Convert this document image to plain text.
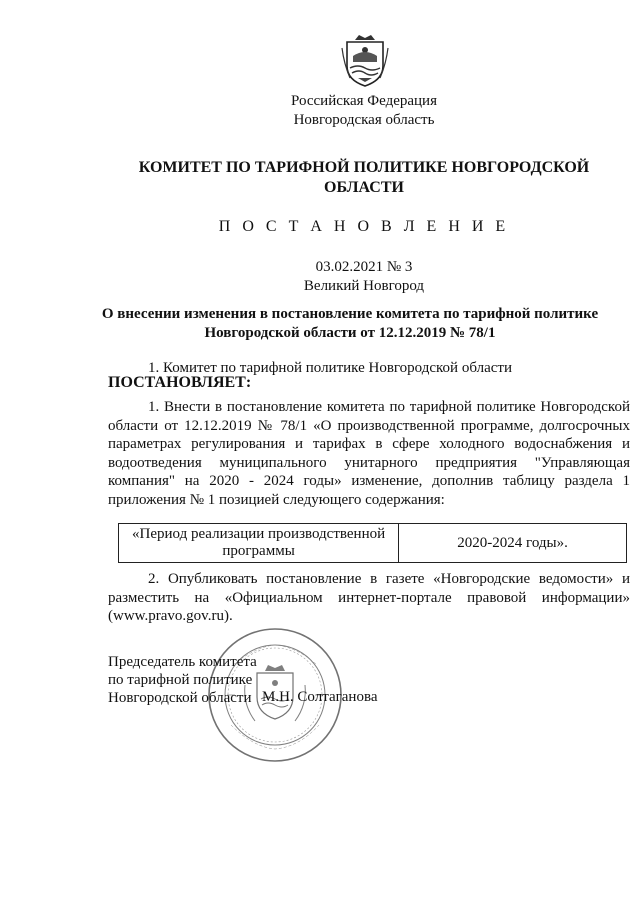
Российская Федерация
Новгородская область
КОМИТЕТ ПО ТАРИФНОЙ ПОЛИТИКЕ НОВГОРОДСКОЙ
ОБЛАСТИ
П О С Т А Н О В Л Е Н И Е
03.02.2021 № 3
Великий Новгород
О внесении изменения в постановление комитета по тарифной политике
Новгородской области от 12.12.2019 № 78/1
1. Комитет по тарифной политике Новгородской области
ПОСТАНОВЛЯЕТ:
1. Внести в постановление комитета по тарифной политике Новгородской области от 12.12.2019 № 78/1 «О производственной программе, долгосрочных параметрах регулирования и тарифах в сфере холодного водоснабжения и водоотведения муниципального унитарного предприятия "Управляющая компания" на 2020 - 2024 годы» изменение, дополнив таблицу раздела 1 приложения № 1 позицией следующего содержания:
«Период реализации производственной программы	2020-2024 годы».
2. Опубликовать постановление в газете «Новгородские ведомости» и разместить на «Официальном интернет-портале правовой информации» (www.pravo.gov.ru).
Председатель комитета
по тарифной политике
Новгородской области М.Н. Солтаганова
